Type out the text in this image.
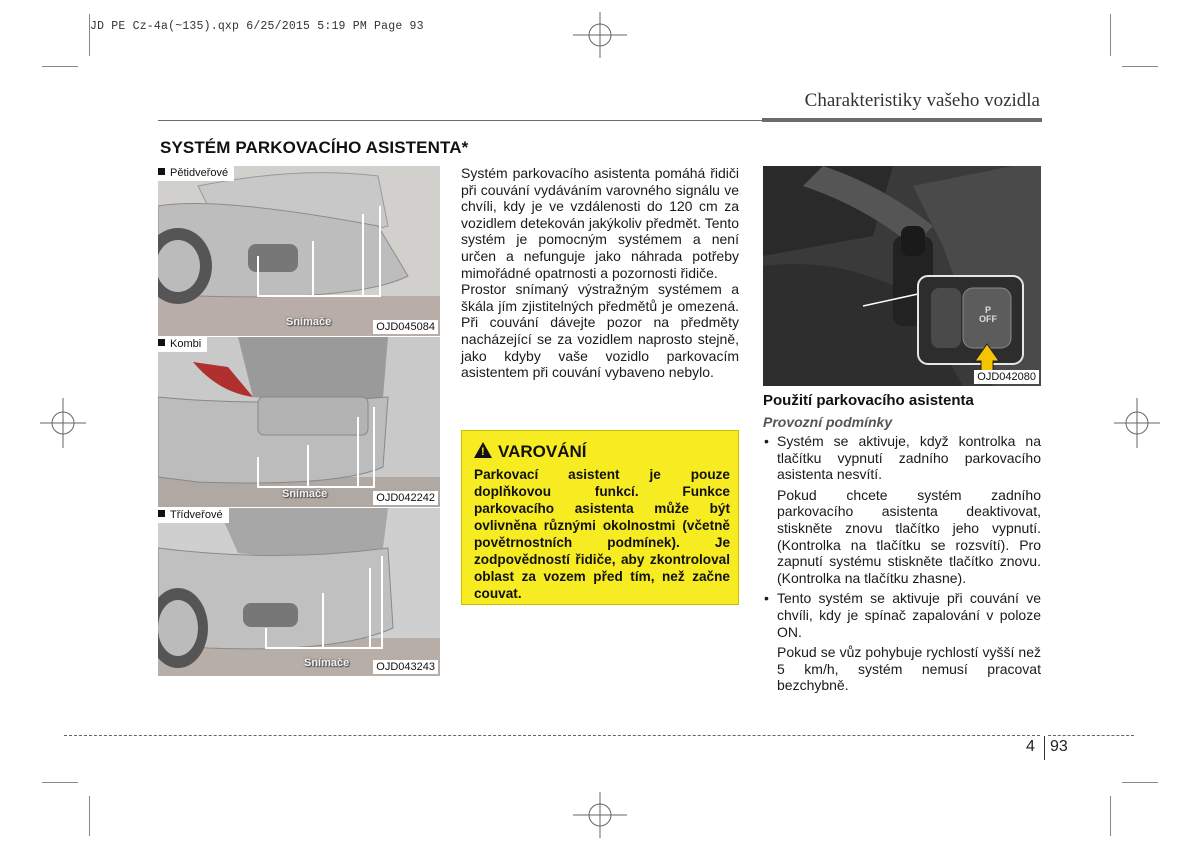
JD PE Cz-4a(~135).qxp 6/25/2015 5:19 PM Page 93
Charakteristiky vašeho vozidla
SYSTÉM PARKOVACÍHO ASISTENTA*
Pětidveřové
Snímače	OJD045084
Kombi
Snímače	OJD042242
Třídveřové
Snímače OJD043243

Systém parkovacího asistenta pomáhá řidiči při couvání vydáváním varovného signálu ve chvíli, kdy je ve vzdálenosti do 120 cm za vozidlem detekován jakýkoliv předmět. Tento systém je pomocným systémem a není určen a nefunguje jako náhrada potřeby mimořádné opatrnosti a pozornosti řidiče.

Prostor snímaný výstražným systémem a škála jím zjistitelných předmětů je omezená. Při couvání dávejte pozor na předměty nacházející se za vozidlem naprosto stejně, jako kdyby vaše vozidlo parkovacím asistentem při couvání vybaveno nebylo.

! VAROVÁNÍ
Parkovací asistent je pouze doplňkovou funkcí. Funkce parkovacího asistenta může být ovlivněna různými okolnostmi (včetně povětrnostních podmínek). Je zodpovědností řidiče, aby zkontroloval oblast za vozem před tím, než začne couvat.
P
OFF
OJD042080
Použití parkovacího asistenta
Provozní podmínky

• Systém se aktivuje, když kontrolka na tlačítku vypnutí zadního parkovacího asistenta nesvítí.

Pokud chcete systém zadního parkovacího asistenta deaktivovat, stiskněte znovu tlačítko jeho vypnutí. (Kontrolka na tlačítku se rozsvítí). Pro zapnutí systému stiskněte tlačítko znovu. (Kontrolka na tlačítku zhasne).

• Tento systém se aktivuje při couvání ve chvíli, kdy je spínač zapalování v poloze ON.

Pokud se vůz pohybuje rychlostí vyšší než 5 km/h, systém nemusí pracovat bezchybně.

4 93
